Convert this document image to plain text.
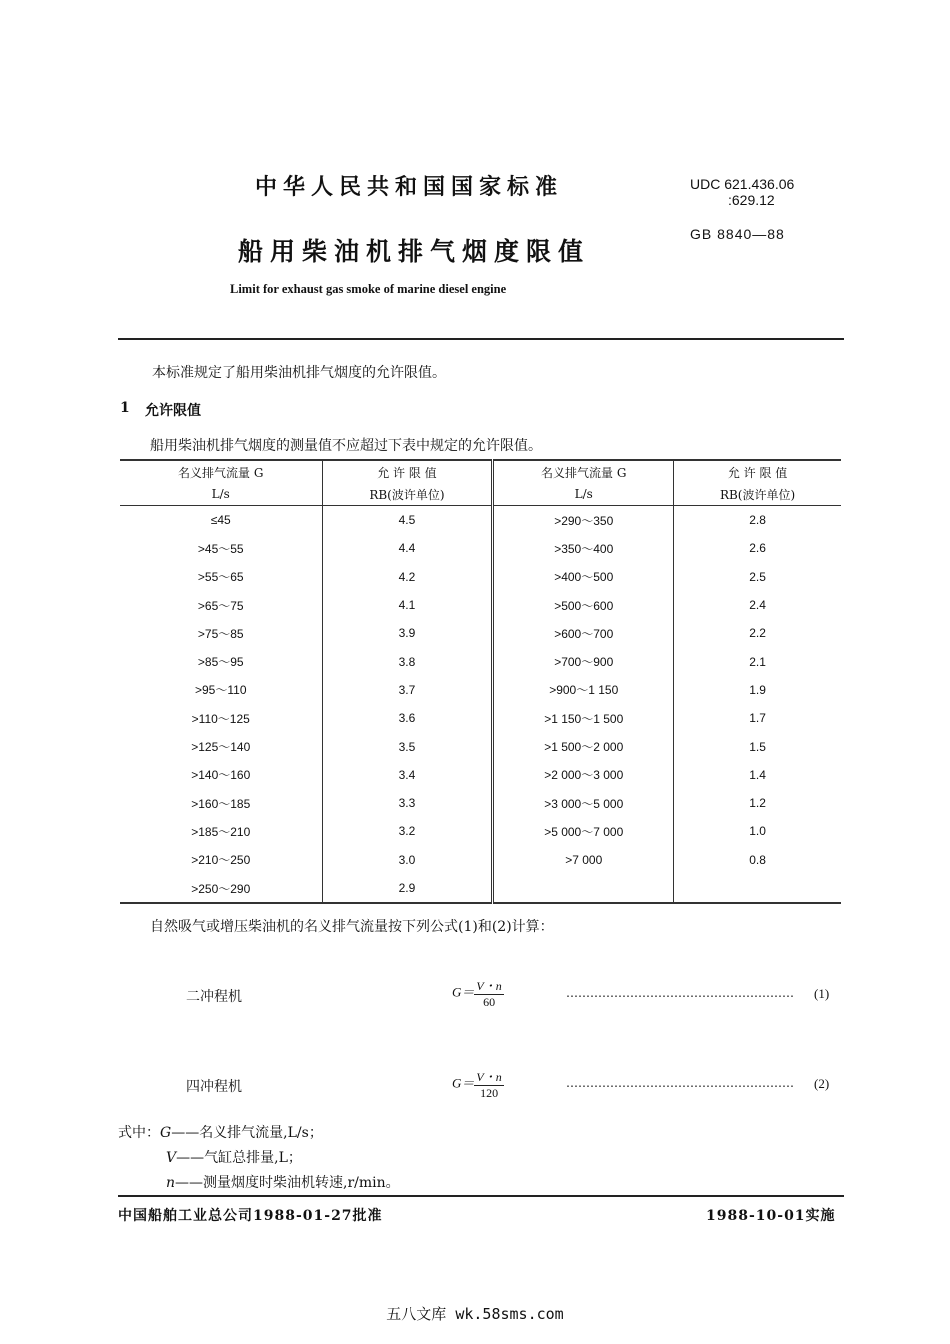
中华人民共和国国家标准	UDC 621.436.06
:629.12
GB 8840—88
船用柴油机排气烟度限值
Limit for exhaust gas smoke of marine diesel engine
本标准规定了船用柴油机排气烟度的允许限值。
1 允许限值
船用柴油机排气烟度的测量值不应超过下表中规定的允许限值。
名义排气流量 G	允 许 限 值	名义排气流量 G	允 许 限 值
L/s	RB(波许单位)	L/s	RB(波许单位)
≤45	4.5	>290～350	2.8
>45～55	4.4	>350～400	2.6
>55～65	4.2	>400～500	2.5
>65～75	4.1	>500～600	2.4
>75～85	3.9	>600～700	2.2
>85～95	3.8	>700～900	2.1
>95～110	3.7	>900～1 150	1.9
>110～125	3.6	>1 150～1 500	1.7
>125～140	3.5	>1 500～2 000	1.5
>140～160	3.4	>2 000～3 000	1.4
>160～185	3.3	>3 000～5 000	1.2
>185～210	3.2	>5 000～7 000	1.0
>210～250	3.0	>7 000	0.8
>250～290	2.9		
自然吸气或增压柴油机的名义排气流量按下列公式(1)和(2)计算：
二冲程机	$G= \frac{V・n}{60}$	………………………………………………… (1)
四冲程机	$G= \frac{V・n}{120}$	………………………………………………… (2)
式中：G——名义排气流量,L/s；
V——气缸总排量,L；
n——测量烟度时柴油机转速,r/min。
中国船舶工业总公司1988-01-27批准	1988-10-01实施
五八文库 wk.58sms.com
